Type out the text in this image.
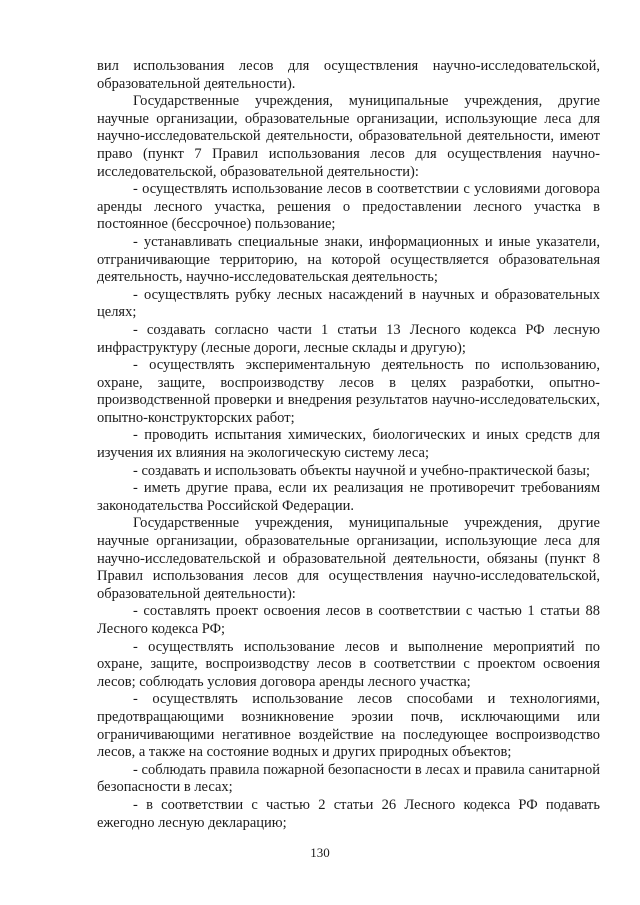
вил использования лесов для осуществления научно-исследовательской, образовательной деятельности).

Государственные учреждения, муниципальные учреждения, другие научные организации, образовательные организации, использующие леса для научно-исследовательской деятельности, образовательной деятельности, имеют право (пункт 7 Правил использования лесов для осуществления научно-исследовательской, образовательной деятельности):

- осуществлять использование лесов в соответствии с условиями договора аренды лесного участка, решения о предоставлении лесного участка в постоянное (бессрочное) пользование;

- устанавливать специальные знаки, информационных и иные указатели, отграничивающие территорию, на которой осуществляется образовательная деятельность, научно-исследовательская деятельность;

- осуществлять рубку лесных насаждений в научных и образовательных целях;

- создавать согласно части 1 статьи 13 Лесного кодекса РФ лесную инфраструктуру (лесные дороги, лесные склады и другую);

- осуществлять экспериментальную деятельность по использованию, охране, защите, воспроизводству лесов в целях разработки, опытно-производственной проверки и внедрения результатов научно-исследовательских, опытно-конструкторских работ;

- проводить испытания химических, биологических и иных средств для изучения их влияния на экологическую систему леса;

- создавать и использовать объекты научной и учебно-практической базы;

- иметь другие права, если их реализация не противоречит требованиям законодательства Российской Федерации.

Государственные учреждения, муниципальные учреждения, другие научные организации, образовательные организации, использующие леса для научно-исследовательской и образовательной деятельности, обязаны (пункт 8 Правил использования лесов для осуществления научно-исследовательской, образовательной деятельности):

- составлять проект освоения лесов в соответствии с частью 1 статьи 88 Лесного кодекса РФ;

- осуществлять использование лесов и выполнение мероприятий по охране, защите, воспроизводству лесов в соответствии с проектом освоения лесов; соблюдать условия договора аренды лесного участка;

- осуществлять использование лесов способами и технологиями, предотвращающими возникновение эрозии почв, исключающими или ограничивающими негативное воздействие на последующее воспроизводство лесов, а также на состояние водных и других природных объектов;

- соблюдать правила пожарной безопасности в лесах и правила санитарной безопасности в лесах;

- в соответствии с частью 2 статьи 26 Лесного кодекса РФ подавать ежегодно лесную декларацию;

130
